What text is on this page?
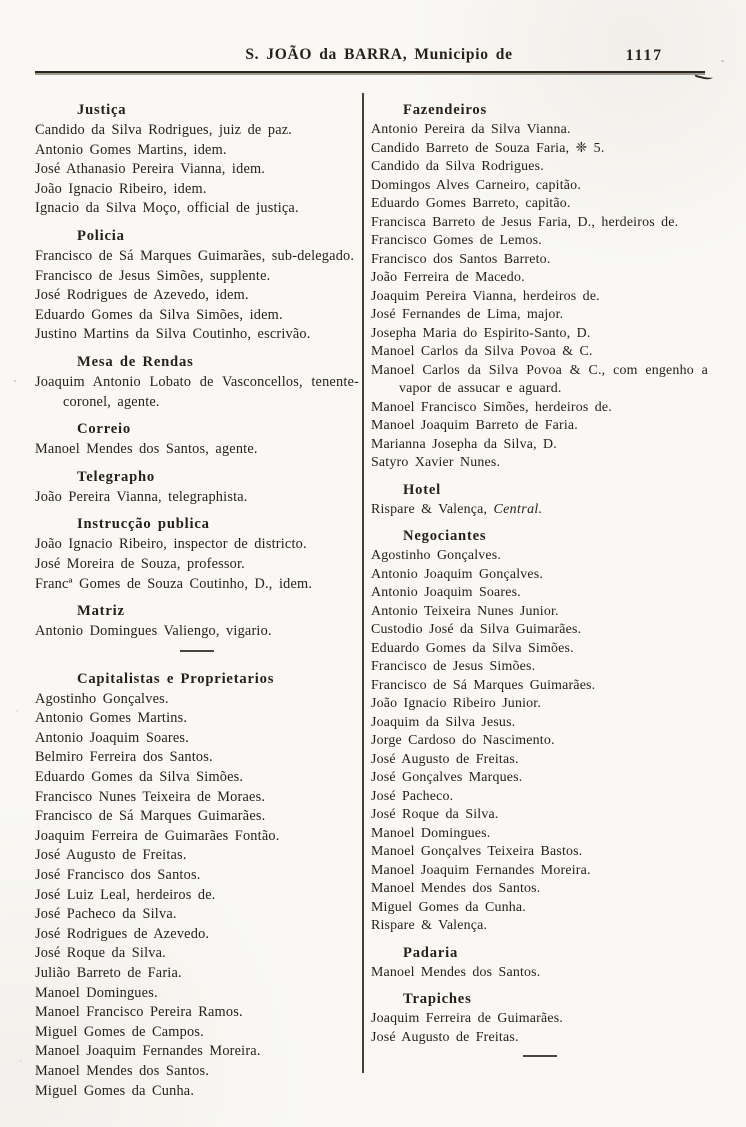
S. JOÃO da BARRA, Municipio de	1117
Justiça

Candido da Silva Rodrigues, juiz de paz.

Antonio Gomes Martins, idem.

José Athanasio Pereira Vianna, idem.

João Ignacio Ribeiro, idem.

Ignacio da Silva Moço, official de justiça.

Policia

Francisco de Sá Marques Guimarães, sub-delegado.

Francisco de Jesus Simões, supplente.

José Rodrigues de Azevedo, idem.

Eduardo Gomes da Silva Simões, idem.

Justino Martins da Silva Coutinho, escrivão.

Mesa de Rendas

Joaquim Antonio Lobato de Vasconcellos, tenente-coronel, agente.

Correio

Manoel Mendes dos Santos, agente.

Telegrapho

João Pereira Vianna, telegraphista.

Instrucção publica

João Ignacio Ribeiro, inspector de districto.

José Moreira de Souza, professor.

Francª Gomes de Souza Coutinho, D., idem.

Matriz

Antonio Domingues Valiengo, vigario.

Capitalistas e Proprietarios

Agostinho Gonçalves.

Antonio Gomes Martins.

Antonio Joaquim Soares.

Belmiro Ferreira dos Santos.

Eduardo Gomes da Silva Simões.

Francisco Nunes Teixeira de Moraes.

Francisco de Sá Marques Guimarães.

Joaquim Ferreira de Guimarães Fontão.

José Augusto de Freitas.

José Francisco dos Santos.

José Luiz Leal, herdeiros de.

José Pacheco da Silva.

José Rodrigues de Azevedo.

José Roque da Silva.

Julião Barreto de Faria.

Manoel Domingues.

Manoel Francisco Pereira Ramos.

Miguel Gomes de Campos.

Manoel Joaquim Fernandes Moreira.

Manoel Mendes dos Santos.

Miguel Gomes da Cunha.

Fazendeiros

Antonio Pereira da Silva Vianna.

Candido Barreto de Souza Faria, ❈ 5.

Candido da Silva Rodrigues.

Domingos Alves Carneiro, capitão.

Eduardo Gomes Barreto, capitão.

Francisca Barreto de Jesus Faria, D., herdeiros de.

Francisco Gomes de Lemos.

Francisco dos Santos Barreto.

João Ferreira de Macedo.

Joaquim Pereira Vianna, herdeiros de.

José Fernandes de Lima, major.

Josepha Maria do Espirito-Santo, D.

Manoel Carlos da Silva Povoa & C.

Manoel Carlos da Silva Povoa & C., com engenho a vapor de assucar e aguard.

Manoel Francisco Simões, herdeiros de.

Manoel Joaquim Barreto de Faria.

Marianna Josepha da Silva, D.

Satyro Xavier Nunes.

Hotel

Rispare & Valença, Central.

Negociantes

Agostinho Gonçalves.

Antonio Joaquim Gonçalves.

Antonio Joaquim Soares.

Antonio Teixeira Nunes Junior.

Custodio José da Silva Guimarães.

Eduardo Gomes da Silva Simões.

Francisco de Jesus Simões.

Francisco de Sá Marques Guimarães.

João Ignacio Ribeiro Junior.

Joaquim da Silva Jesus.

Jorge Cardoso do Nascimento.

José Augusto de Freitas.

José Gonçalves Marques.

José Pacheco.

José Roque da Silva.

Manoel Domingues.

Manoel Gonçalves Teixeira Bastos.

Manoel Joaquim Fernandes Moreira.

Manoel Mendes dos Santos.

Miguel Gomes da Cunha.

Rispare & Valença.

Padaria

Manoel Mendes dos Santos.

Trapiches

Joaquim Ferreira de Guimarães.

José Augusto de Freitas.
